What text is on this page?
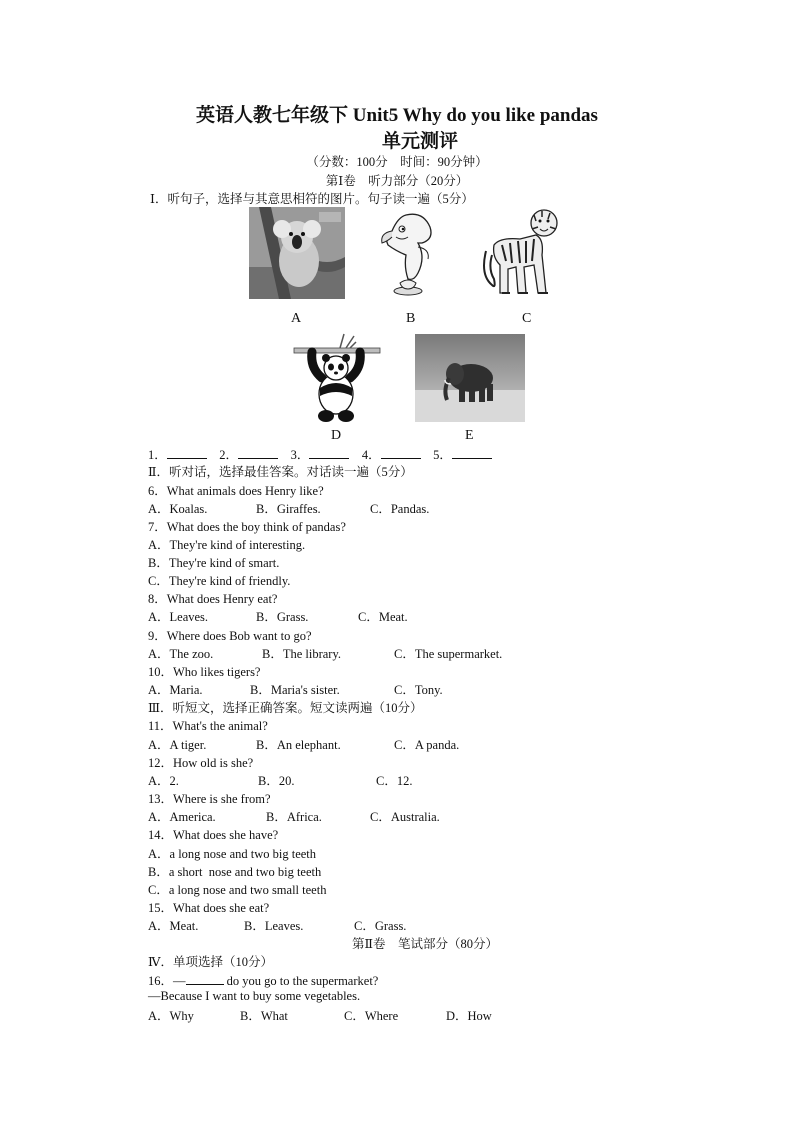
英语人教七年级下 Unit5 Why do you like pandas
单元测评
（分数：100分　时间：90分钟）
第Ⅰ卷　听力部分（20分）
Ⅰ．听句子，选择与其意思相符的图片。句子读一遍（5分）
A	B	C
D	E
1．　	2．　	3．　	4．　	5．
Ⅱ．听对话，选择最佳答案。对话读一遍（5分）
6．What animals does Henry like?
A．Koalas.	B．Giraffes.	C．Pandas.
7．What does the boy think of pandas?
A．They're kind of interesting.
B．They're kind of smart.
C．They're kind of friendly.
8．What does Henry eat?
A．Leaves.	B．Grass.	C．Meat.
9．Where does Bob want to go?
A．The zoo.	B．The library.	C．The supermarket.
10．Who likes tigers?
A．Maria.	B．Maria's sister.	C．Tony.
Ⅲ．听短文，选择正确答案。短文读两遍（10分）
11．What's the animal?
A．A tiger.	B．An elephant.	C．A panda.
12．How old is she?
A．2.	B．20.	C．12.
13．Where is she from?
A．America.	B．Africa.	C．Australia.
14．What does she have?
A．a long nose and two big teeth
B．a short  nose and two big teeth
C．a long nose and two small teeth
15．What does she eat?
A．Meat.	B．Leaves.	C．Grass.
第Ⅱ卷　笔试部分（80分）
Ⅳ．单项选择（10分）
16．—	do you go to the supermarket?
—Because I want to buy some vegetables.
A．Why	B．What	C．Where	D．How
